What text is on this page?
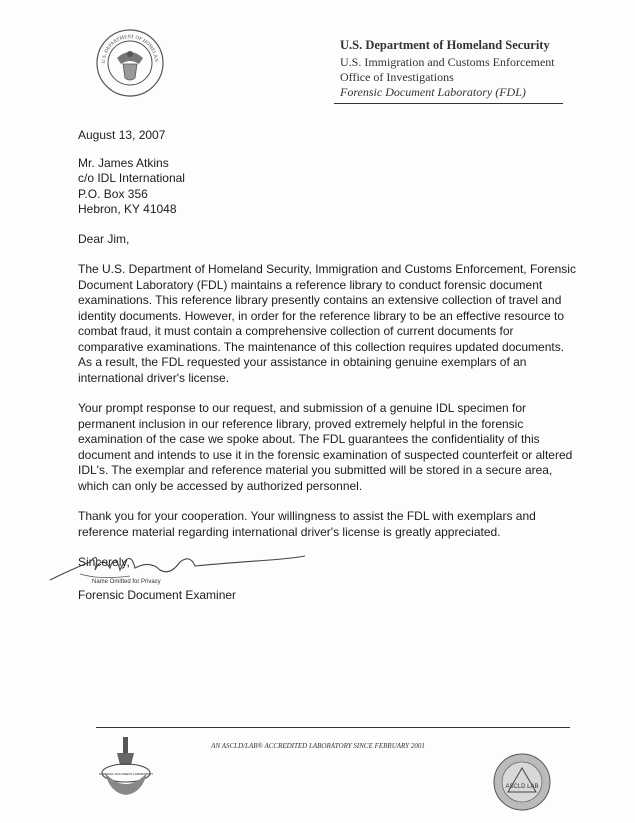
U.S. DEPARTMENT OF HOMELAN
U.S. Department of Homeland Security
U.S. Immigration and Customs Enforcement
Office of Investigations
Forensic Document Laboratory (FDL)
August 13, 2007
Mr. James Atkins
c/o IDL International
P.O. Box 356
Hebron, KY 41048
Dear Jim,

The U.S. Department of Homeland Security, Immigration and Customs Enforcement, Forensic Document Laboratory (FDL) maintains a reference library to conduct forensic document examinations. This reference library presently contains an extensive collection of travel and identity documents. However, in order for the reference library to be an effective resource to combat fraud, it must contain a comprehensive collection of current documents for comparative examinations. The maintenance of this collection requires updated documents. As a result, the FDL requested your assistance in obtaining genuine exemplars of an international driver's license.

Your prompt response to our request, and submission of a genuine IDL specimen for permanent inclusion in our reference library, proved extremely helpful in the forensic examination of the case we spoke about. The FDL guarantees the confidentiality of this document and intends to use it in the forensic examination of suspected counterfeit or altered IDL's. The exemplar and reference material you submitted will be stored in a secure area, which can only be accessed by authorized personnel.

Thank you for your cooperation. Your willingness to assist the FDL with exemplars and reference material regarding international driver's license is greatly appreciated.

Sincerely,
Name Omitted for Privacy
Forensic Document Examiner
AN ASCLD/LAB® ACCREDITED LABORATORY SINCE FEBRUARY 2001
FORENSIC DOCUMENT LABORATORY
ASCLD LAB
